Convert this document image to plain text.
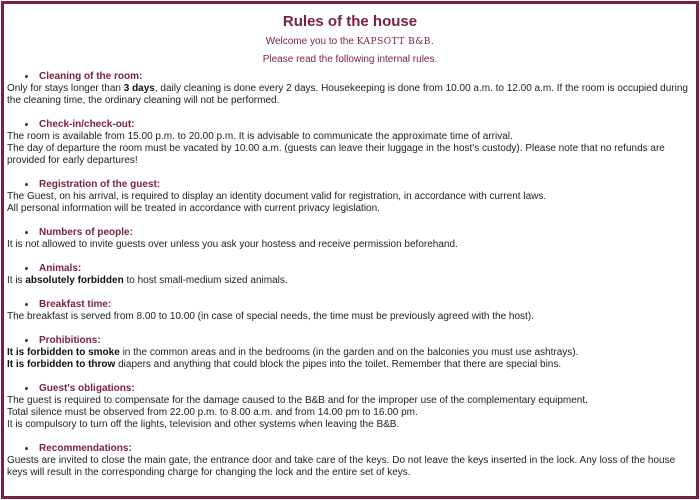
Rules of the house
Welcome you to the KAPSOTT B&B.
Please read the following internal rules.
Cleaning of the room:
Only for stays longer than 3 days, daily cleaning is done every 2 days. Housekeeping is done from 10.00 a.m. to 12.00 a.m. If the room is occupied during the cleaning time, the ordinary cleaning will not be performed.
Check-in/check-out:
The room is available from 15.00 p.m. to 20.00 p.m. It is advisable to communicate the approximate time of arrival.
The day of departure the room must be vacated by 10.00 a.m. (guests can leave their luggage in the host's custody). Please note that no refunds are provided for early departures!
Registration of the guest:
The Guest, on his arrival, is required to display an identity document valid for registration, in accordance with current laws.
All personal information will be treated in accordance with current privacy legislation.
Numbers of people:
It is not allowed to invite guests over unless you ask your hostess and receive permission beforehand.
Animals:
It is absolutely forbidden to host small-medium sized animals.
Breakfast time:
The breakfast is served from 8.00 to 10.00 (in case of special needs, the time must be previously agreed with the host).
Prohibitions:
It is forbidden to smoke in the common areas and in the bedrooms (in the garden and on the balconies you must use ashtrays).
It is forbidden to throw diapers and anything that could block the pipes into the toilet. Remember that there are special bins.
Guest's obligations:
The guest is required to compensate for the damage caused to the B&B and for the improper use of the complementary equipment.
Total silence must be observed from 22.00 p.m. to 8.00 a.m. and from 14.00 pm to 16.00 pm.
It is compulsory to turn off the lights, television and other systems when leaving the B&B.
Recommendations:
Guests are invited to close the main gate, the entrance door and take care of the keys. Do not leave the keys inserted in the lock. Any loss of the house keys will result in the corresponding charge for changing the lock and the entire set of keys.
